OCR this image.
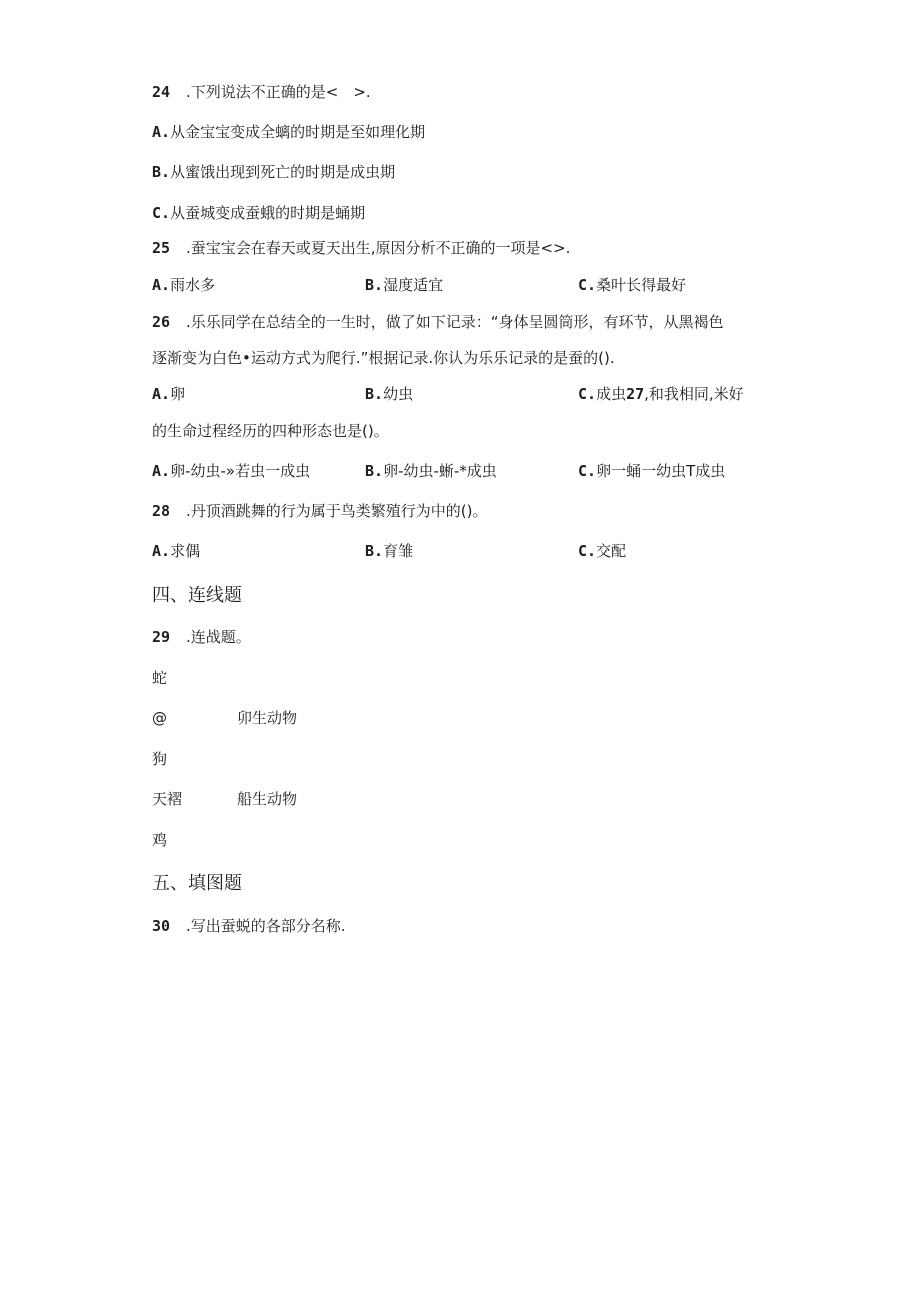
24 .下列说法不正确的是<　>.
A.从金宝宝变成全螭的时期是至如理化期
B.从蜜饿出现到死亡的时期是成虫期
C.从蚕城变成蚕蛾的时期是蛹期
25 .蚕宝宝会在春天或夏天出生,原因分析不正确的一项是<>.
A.雨水多	B.湿度适宜	C.桑叶长得最好
26 .乐乐同学在总结全的一生时，做了如下记录：“身体呈圆筒形，有环节，从黑褐色
逐渐变为白色•运动方式为爬行.”根据记录.你认为乐乐记录的是蚕的().
A.卵	B.幼虫	C.成虫27,和我相同,米好
的生命过程经历的四种形态也是()。
A.卵-幼虫-»若虫一成虫	B.卵-幼虫-蜥-*成虫	C.卵一蛹一幼虫T成虫
28 .丹顶酒跳舞的行为属于鸟类繁殖行为中的()。
A.求偶	B.育雏	C.交配
四、连线题
29 .连战题。
蛇
@	卯生动物
狗
天褶	船生动物
鸡
五、填图题
30 .写出蚕蜕的各部分名称.
